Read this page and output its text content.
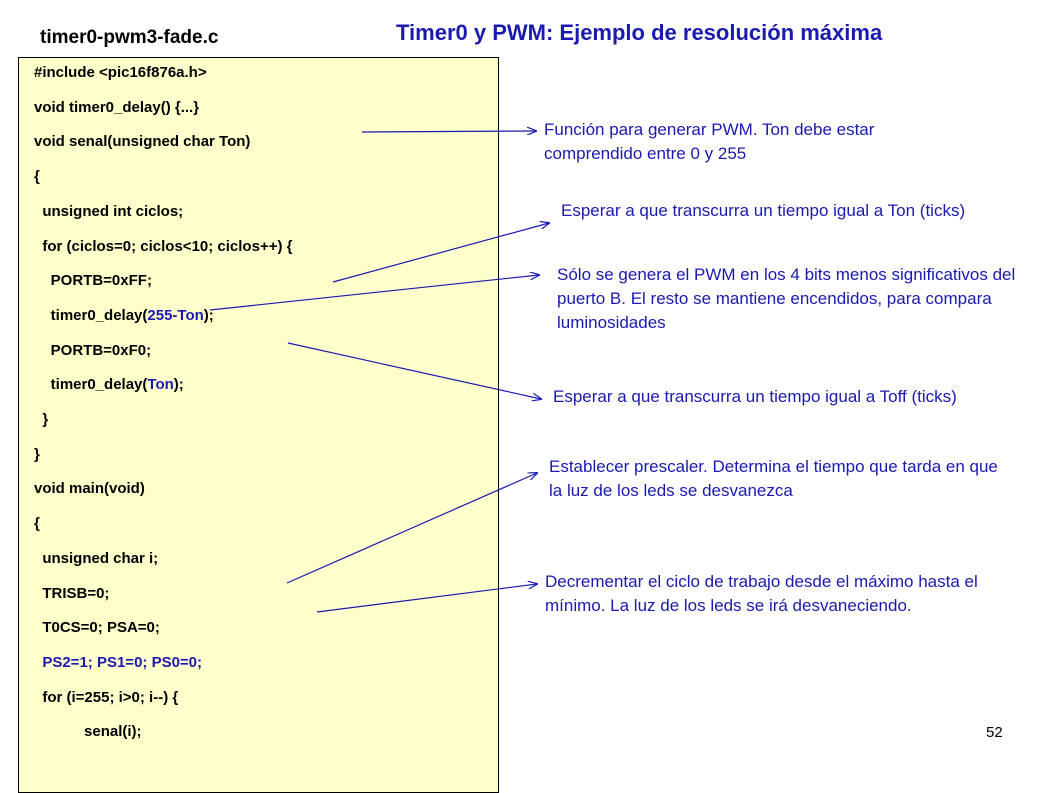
timer0-pwm3-fade.c	Timer0 y PWM: Ejemplo de resolución máxima
#include <pic16f876a.h>
void timer0_delay() {...}
void senal(unsigned char Ton)
{
unsigned int ciclos;
for (ciclos=0; ciclos<10; ciclos++) {
PORTB=0xFF;
timer0_delay(255-Ton);
PORTB=0xF0;
timer0_delay(Ton);
}
}
void main(void)
{
unsigned char i;
TRISB=0;
T0CS=0; PSA=0;
PS2=1; PS1=0; PS0=0;
for (i=255; i>0; i--) {
senal(i);
Función para generar PWM. Ton debe estar comprendido entre 0 y 255
Esperar a que transcurra un tiempo igual a Ton (ticks)
Sólo se genera el PWM en los 4 bits menos significativos del puerto B. El resto se mantiene encendidos, para compara luminosidades
Esperar a que transcurra un tiempo igual a Toff (ticks)
Establecer prescaler. Determina el tiempo que tarda en que la luz de los leds se desvanezca
Decrementar el ciclo de trabajo desde el máximo hasta el mínimo. La luz de los leds se irá desvaneciendo.
52
